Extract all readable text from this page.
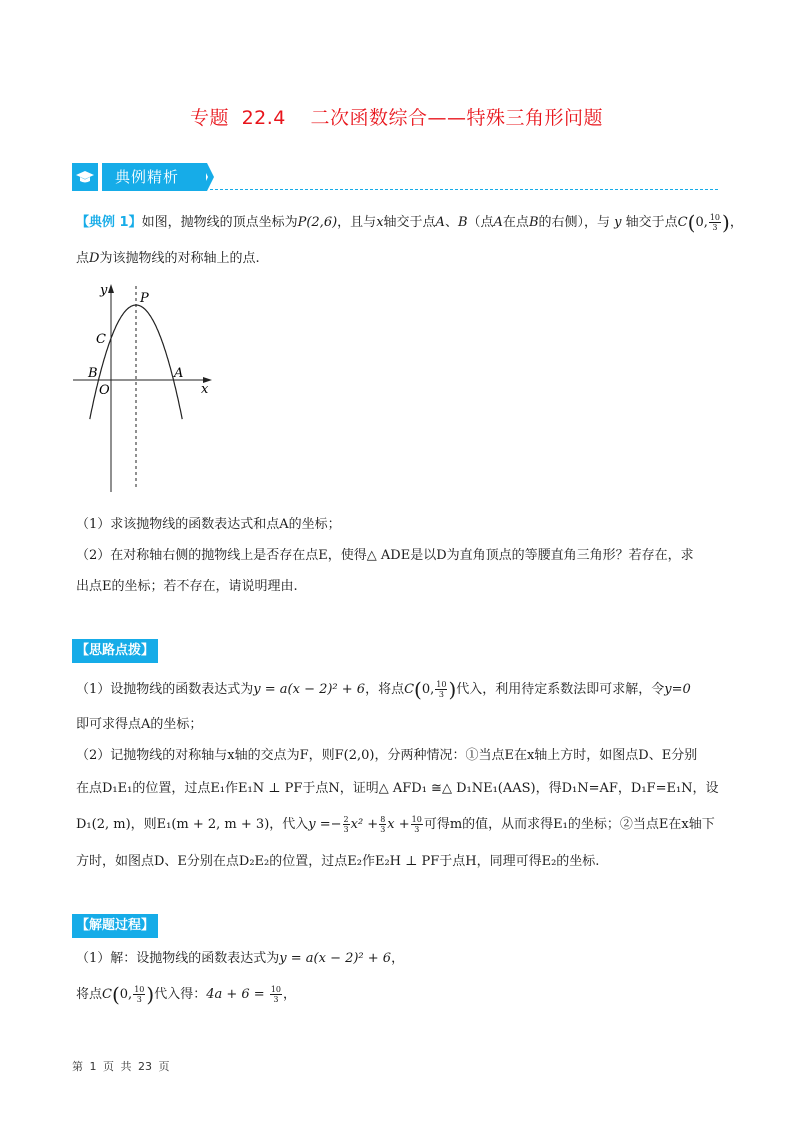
专题 22.4 二次函数综合——特殊三角形问题
典例精析
【典例 1】如图，抛物线的顶点坐标为P(2,6)，且与x轴交于点A、B（点A在点B的右侧），与 y 轴交于点C(0, $\frac{10}{3}$ )，
点D为该抛物线的对称轴上的点.
y
P
C
B	A
O	x
（1）求该抛物线的函数表达式和点A的坐标；
（2）在对称轴右侧的抛物线上是否存在点E，使得△ ADE是以D为直角顶点的等腰直角三角形？若存在，求
出点E的坐标；若不存在，请说明理由.
【思路点拨】
（1）设抛物线的函数表达式为y = a(x − 2)² + 6，将点C(0, $\frac{10}{3}$ )代入，利用待定系数法即可求解，令y=0
即可求得点A的坐标；
（2）记抛物线的对称轴与x轴的交点为F，则F(2,0)，分两种情况：①当点E在x轴上方时，如图点D、E分别
在点D₁E₁的位置，过点E₁作E₁N ⊥ PF于点N，证明△ AFD₁ ≅△ D₁NE₁(AAS)，得D₁N=AF，D₁F=E₁N，设
D₁(2, m)，则E₁(m + 2, m + 3)，代入$y =- \frac{2}{3} x^2 + \frac{8}{3}$ $x + \frac{10}{3}$ 可得m的值，从而求得E₁的坐标；②当点E在x轴下
方时，如图点D、E分别在点D₂E₂的位置，过点E₂作E₂H ⊥ PF于点H，同理可得E₂的坐标.
【解题过程】
（1）解：设抛物线的函数表达式为y = a(x − 2)² + 6，
将点C(0, $\frac{10}{3}$ )代入得：$4a + 6 = \frac{10}{3}$ ，
第 1 页 共 23 页
